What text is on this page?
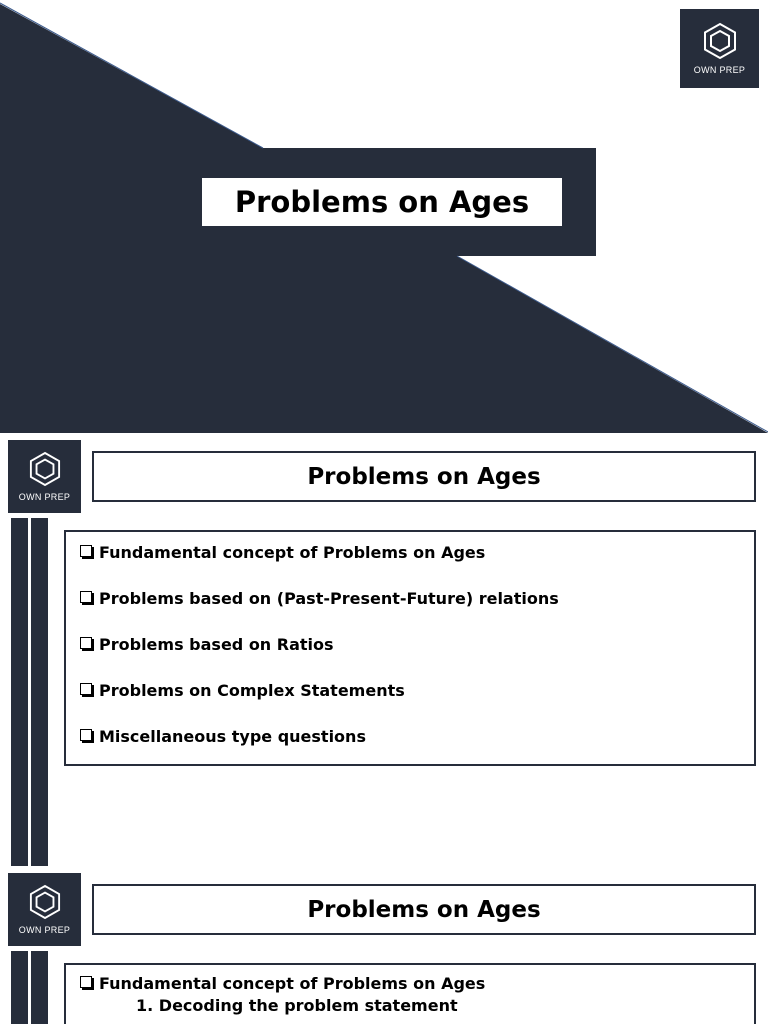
OWN PREP
Problems on Ages
OWN PREP
Problems on Ages
Fundamental concept of Problems on Ages
Problems based on (Past-Present-Future) relations
Problems based on Ratios
Problems on Complex Statements
Miscellaneous type questions
OWN PREP
Problems on Ages
Fundamental concept of Problems on Ages
1. Decoding the problem statement
